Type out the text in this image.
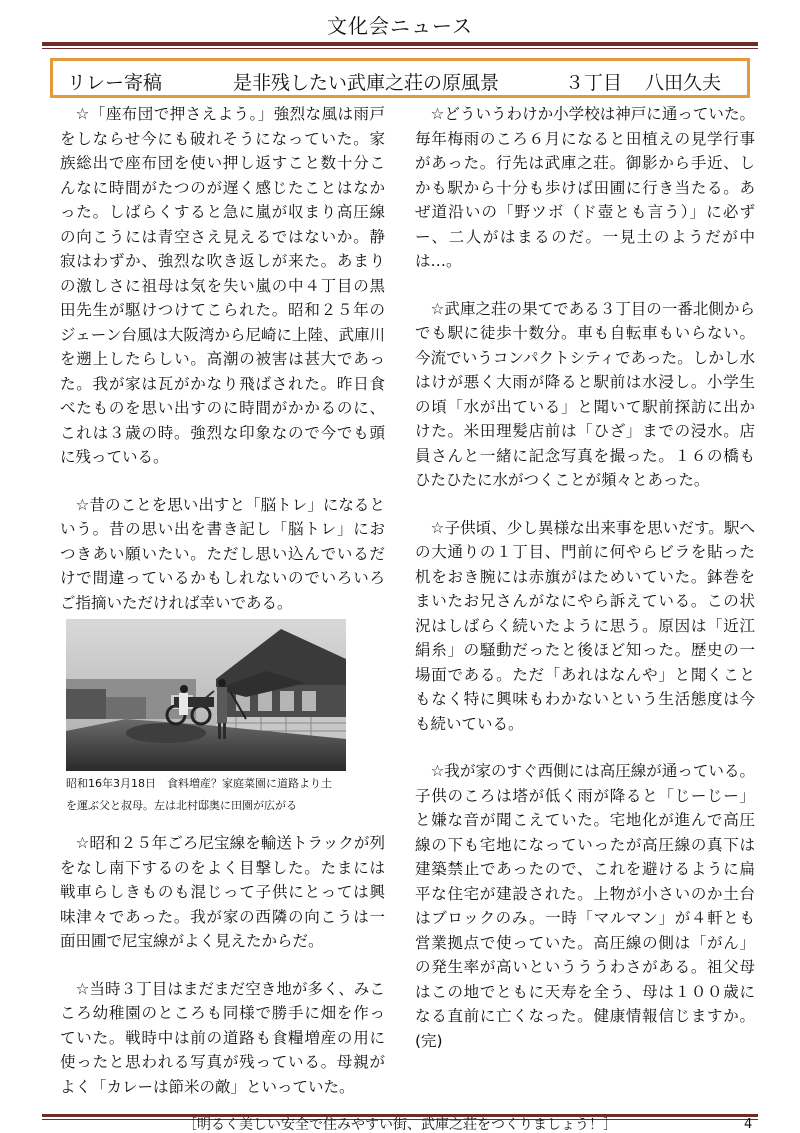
文化会ニュース
リレー寄稿	是非残したい武庫之荘の原風景	３丁目 八田久夫

☆「座布団で押さえよう。」強烈な風は雨戸をしならせ今にも破れそうになっていた。家族総出で座布団を使い押し返すこと数十分こんなに時間がたつのが遅く感じたことはなかった。しばらくすると急に嵐が収まり高圧線の向こうには青空さえ見えるではないか。静寂はわずか、強烈な吹き返しが来た。あまりの激しさに祖母は気を失い嵐の中４丁目の黒田先生が駆けつけてこられた。昭和２５年のジェーン台風は大阪湾から尼崎に上陸、武庫川を遡上したらしい。高潮の被害は甚大であった。我が家は瓦がかなり飛ばされた。昨日食べたものを思い出すのに時間がかかるのに、これは３歳の時。強烈な印象なので今でも頭に残っている。

☆昔のことを思い出すと「脳トレ」になるという。昔の思い出を書き記し「脳トレ」におつきあい願いたい。ただし思い込んでいるだけで間違っているかもしれないのでいろいろご指摘いただければ幸いである。

昭和16年3月18日　食料増産？家庭菜園に道路より土
を運ぶ父と叔母。左は北村邸奥に田園が広がる

☆昭和２５年ごろ尼宝線を輸送トラックが列をなし南下するのをよく目撃した。たまには戦車らしきものも混じって子供にとっては興味津々であった。我が家の西隣の向こうは一面田圃で尼宝線がよく見えたからだ。

☆当時３丁目はまだまだ空き地が多く、みこころ幼稚園のところも同様で勝手に畑を作っていた。戦時中は前の道路も食糧増産の用に使ったと思われる写真が残っている。母親がよく「カレーは節米の敵」といっていた。

☆どういうわけか小学校は神戸に通っていた。毎年梅雨のころ６月になると田植えの見学行事があった。行先は武庫之荘。御影から手近、しかも駅から十分も歩けば田圃に行き当たる。あぜ道沿いの「野ツボ（ド壺とも言う）」に必ずー、二人がはまるのだ。一見土のようだが中は…。

☆武庫之荘の果てである３丁目の一番北側からでも駅に徒歩十数分。車も自転車もいらない。今流でいうコンパクトシティであった。しかし水はけが悪く大雨が降ると駅前は水浸し。小学生の頃「水が出ている」と聞いて駅前探訪に出かけた。米田理髪店前は「ひざ」までの浸水。店員さんと一緒に記念写真を撮った。１６の橋もひたひたに水がつくことが頻々とあった。

☆子供頃、少し異様な出来事を思いだす。駅への大通りの１丁目、門前に何やらビラを貼った机をおき腕には赤旗がはためいていた。鉢巻をまいたお兄さんがなにやら訴えている。この状況はしばらく続いたように思う。原因は「近江絹糸」の騒動だったと後ほど知った。歴史の一場面である。ただ「あれはなんや」と聞くこともなく特に興味もわかないという生活態度は今も続いている。

☆我が家のすぐ西側には高圧線が通っている。子供のころは塔が低く雨が降ると「じーじー」と嫌な音が聞こえていた。宅地化が進んで高圧線の下も宅地になっていったが高圧線の真下は建築禁止であったので、これを避けるように扁平な住宅が建設された。上物が小さいのか土台はブロックのみ。一時「マルマン」が４軒とも営業拠点で使っていた。高圧線の側は「がん」の発生率が高いというううわさがある。祖父母はこの地でともに天寿を全う、母は１００歳になる直前に亡くなった。健康情報信じますか。(完)

［明るく美しい安全で住みやすい街、武庫之荘をつくりましょう！］	4
